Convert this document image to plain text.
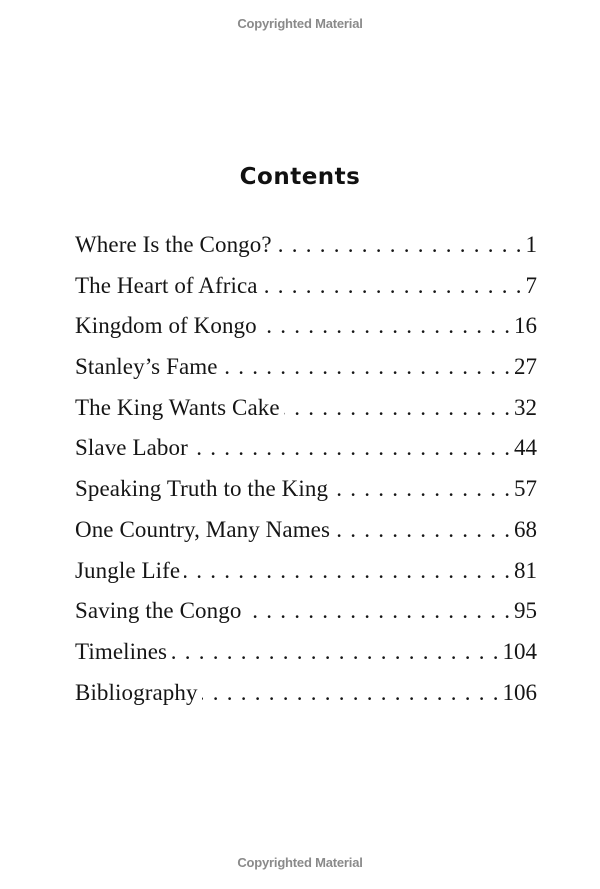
Copyrighted Material
Contents
Where Is the Congo? . . .	1
The Heart of Africa . . .	7
Kingdom of Kongo . . .	16
Stanley’s Fame . . .	27
The King Wants Cake . . .	32
Slave Labor . . .	44
Speaking Truth to the King . . .	57
One Country, Many Names . . .	68
Jungle Life . . .	81
Saving the Congo . . .	95
Timelines . . .	104
Bibliography . . .	106
Copyrighted Material
